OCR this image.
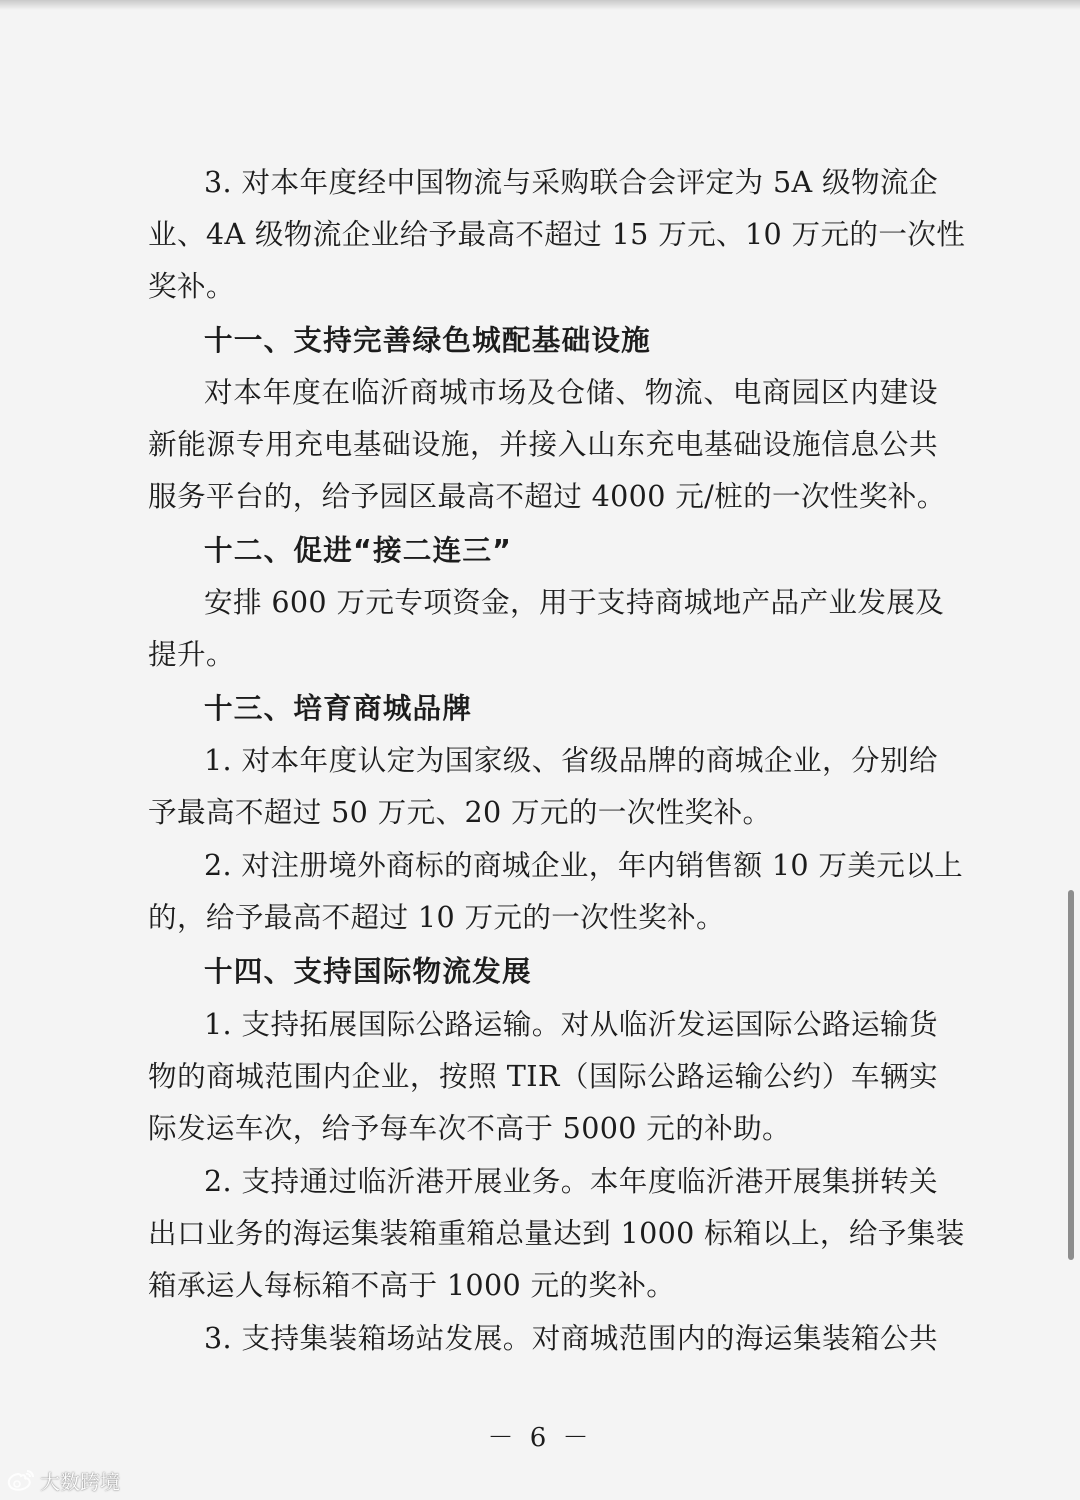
3. 对本年度经中国物流与采购联合会评定为 5A 级物流企
业、4A 级物流企业给予最高不超过 15 万元、10 万元的一次性
奖补。
十一、支持完善绿色城配基础设施
对本年度在临沂商城市场及仓储、物流、电商园区内建设
新能源专用充电基础设施，并接入山东充电基础设施信息公共
服务平台的，给予园区最高不超过 4000 元/桩的一次性奖补。
十二、促进“接二连三”
安排 600 万元专项资金，用于支持商城地产品产业发展及
提升。
十三、培育商城品牌
1. 对本年度认定为国家级、省级品牌的商城企业，分别给
予最高不超过 50 万元、20 万元的一次性奖补。
2. 对注册境外商标的商城企业，年内销售额 10 万美元以上
的，给予最高不超过 10 万元的一次性奖补。
十四、支持国际物流发展
1. 支持拓展国际公路运输。对从临沂发运国际公路运输货
物的商城范围内企业，按照 TIR（国际公路运输公约）车辆实
际发运车次，给予每车次不高于 5000 元的补助。
2. 支持通过临沂港开展业务。本年度临沂港开展集拼转关
出口业务的海运集装箱重箱总量达到 1000 标箱以上，给予集装
箱承运人每标箱不高于 1000 元的奖补。
3. 支持集装箱场站发展。对商城范围内的海运集装箱公共
－ 6 －
大数跨境
